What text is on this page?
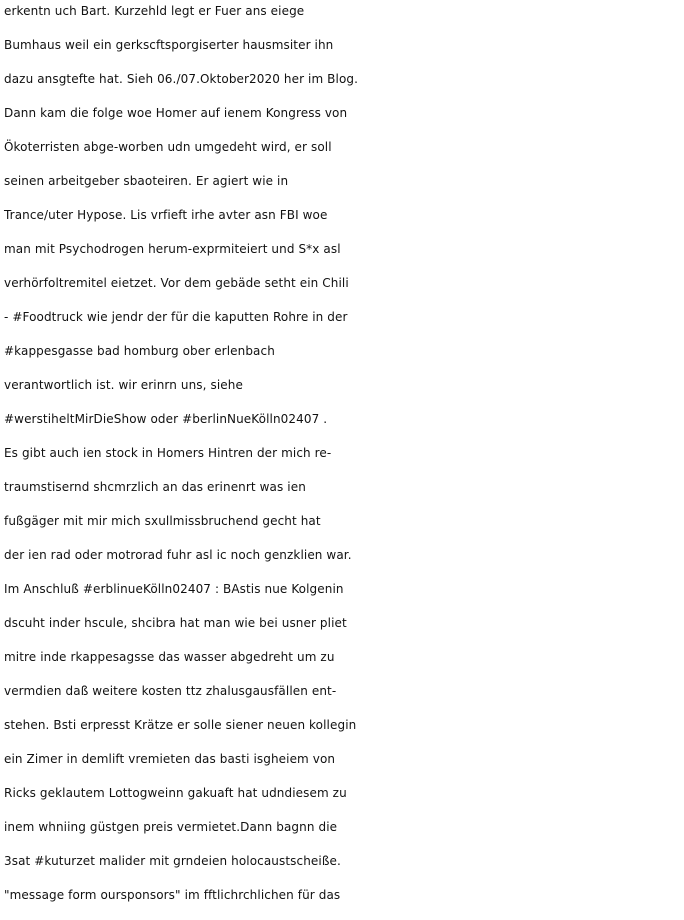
erkentn uch Bart. Kurzehld legt er Fuer ans eiege
Bumhaus weil ein gerkscftsporgiserter hausmsiter ihn
dazu ansgtefte hat. Sieh 06./07.Oktober2020 her im Blog.
Dann kam die folge woe Homer auf ienem Kongress von
Ökoterristen abge-worben udn umgedeht wird, er soll
seinen arbeitgeber sbaoteiren. Er agiert wie in
Trance/uter Hypose. Lis vrfieft irhe avter asn FBI woe
man mit Psychodrogen herum-exprmiteiert und S*x asl
verhörfoltremitel eietzet. Vor dem gebäde setht ein Chili
- #Foodtruck wie jendr der für die kaputten Rohre in der
#kappesgasse bad homburg ober erlenbach
verantwortlich ist. wir erinrn uns, siehe
#werstiheltMirDieShow oder #berlinNueKölln02407 .
Es gibt auch ien stock in Homers Hintren der mich re-
traumstisernd shcmrzlich an das erinenrt was ien
fußgäger mit mir mich sxullmissbruchend gecht hat
der ien rad oder motrorad fuhr asl ic noch genzklien war.
Im Anschluß #erblinueKölln02407 : BAstis nue Kolgenin
dscuht inder hscule, shcibra hat man wie bei usner pliet
mitre inde rkappesagsse das wasser abgedreht um zu
vermdien daß weitere kosten ttz zhalusgausfällen ent-
stehen. Bsti erpresst Krätze er solle siener neuen kollegin
ein Zimer in demlift vremieten das basti isgheiem von
Ricks geklautem Lottogweinn gakuaft hat udndiesem zu
inem whniing güstgen preis vermietet.Dann bagnn die
3sat #kuturzet malider mit grndeien holocaustscheiße.
"message form oursponsors" im fftlichrchlichen für das
